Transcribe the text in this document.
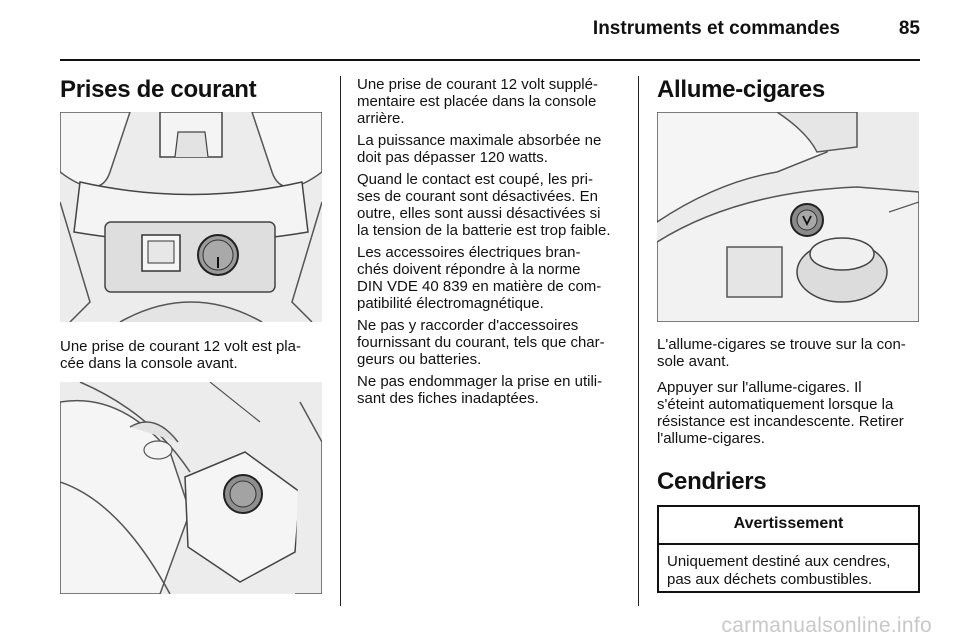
Instruments et commandes	85
Prises de courant

Une prise de courant 12 volt est pla-
cée dans la console avant.

Une prise de courant 12 volt supplé-
mentaire est placée dans la console
arrière.

La puissance maximale absorbée ne
doit pas dépasser 120 watts.

Quand le contact est coupé, les pri-
ses de courant sont désactivées. En
outre, elles sont aussi désactivées si
la tension de la batterie est trop faible.

Les accessoires électriques bran-
chés doivent répondre à la norme
DIN VDE 40 839 en matière de com-
patibilité électromagnétique.

Ne pas y raccorder d'accessoires
fournissant du courant, tels que char-
geurs ou batteries.

Ne pas endommager la prise en utili-
sant des fiches inadaptées.

Allume-cigares

L'allume-cigares se trouve sur la con-
sole avant.

Appuyer sur l'allume-cigares. Il
s'éteint automatiquement lorsque la
résistance est incandescente. Retirer
l'allume-cigares.

Cendriers
Avertissement
Uniquement destiné aux cendres,
pas aux déchets combustibles.
carmanualsonline.info
